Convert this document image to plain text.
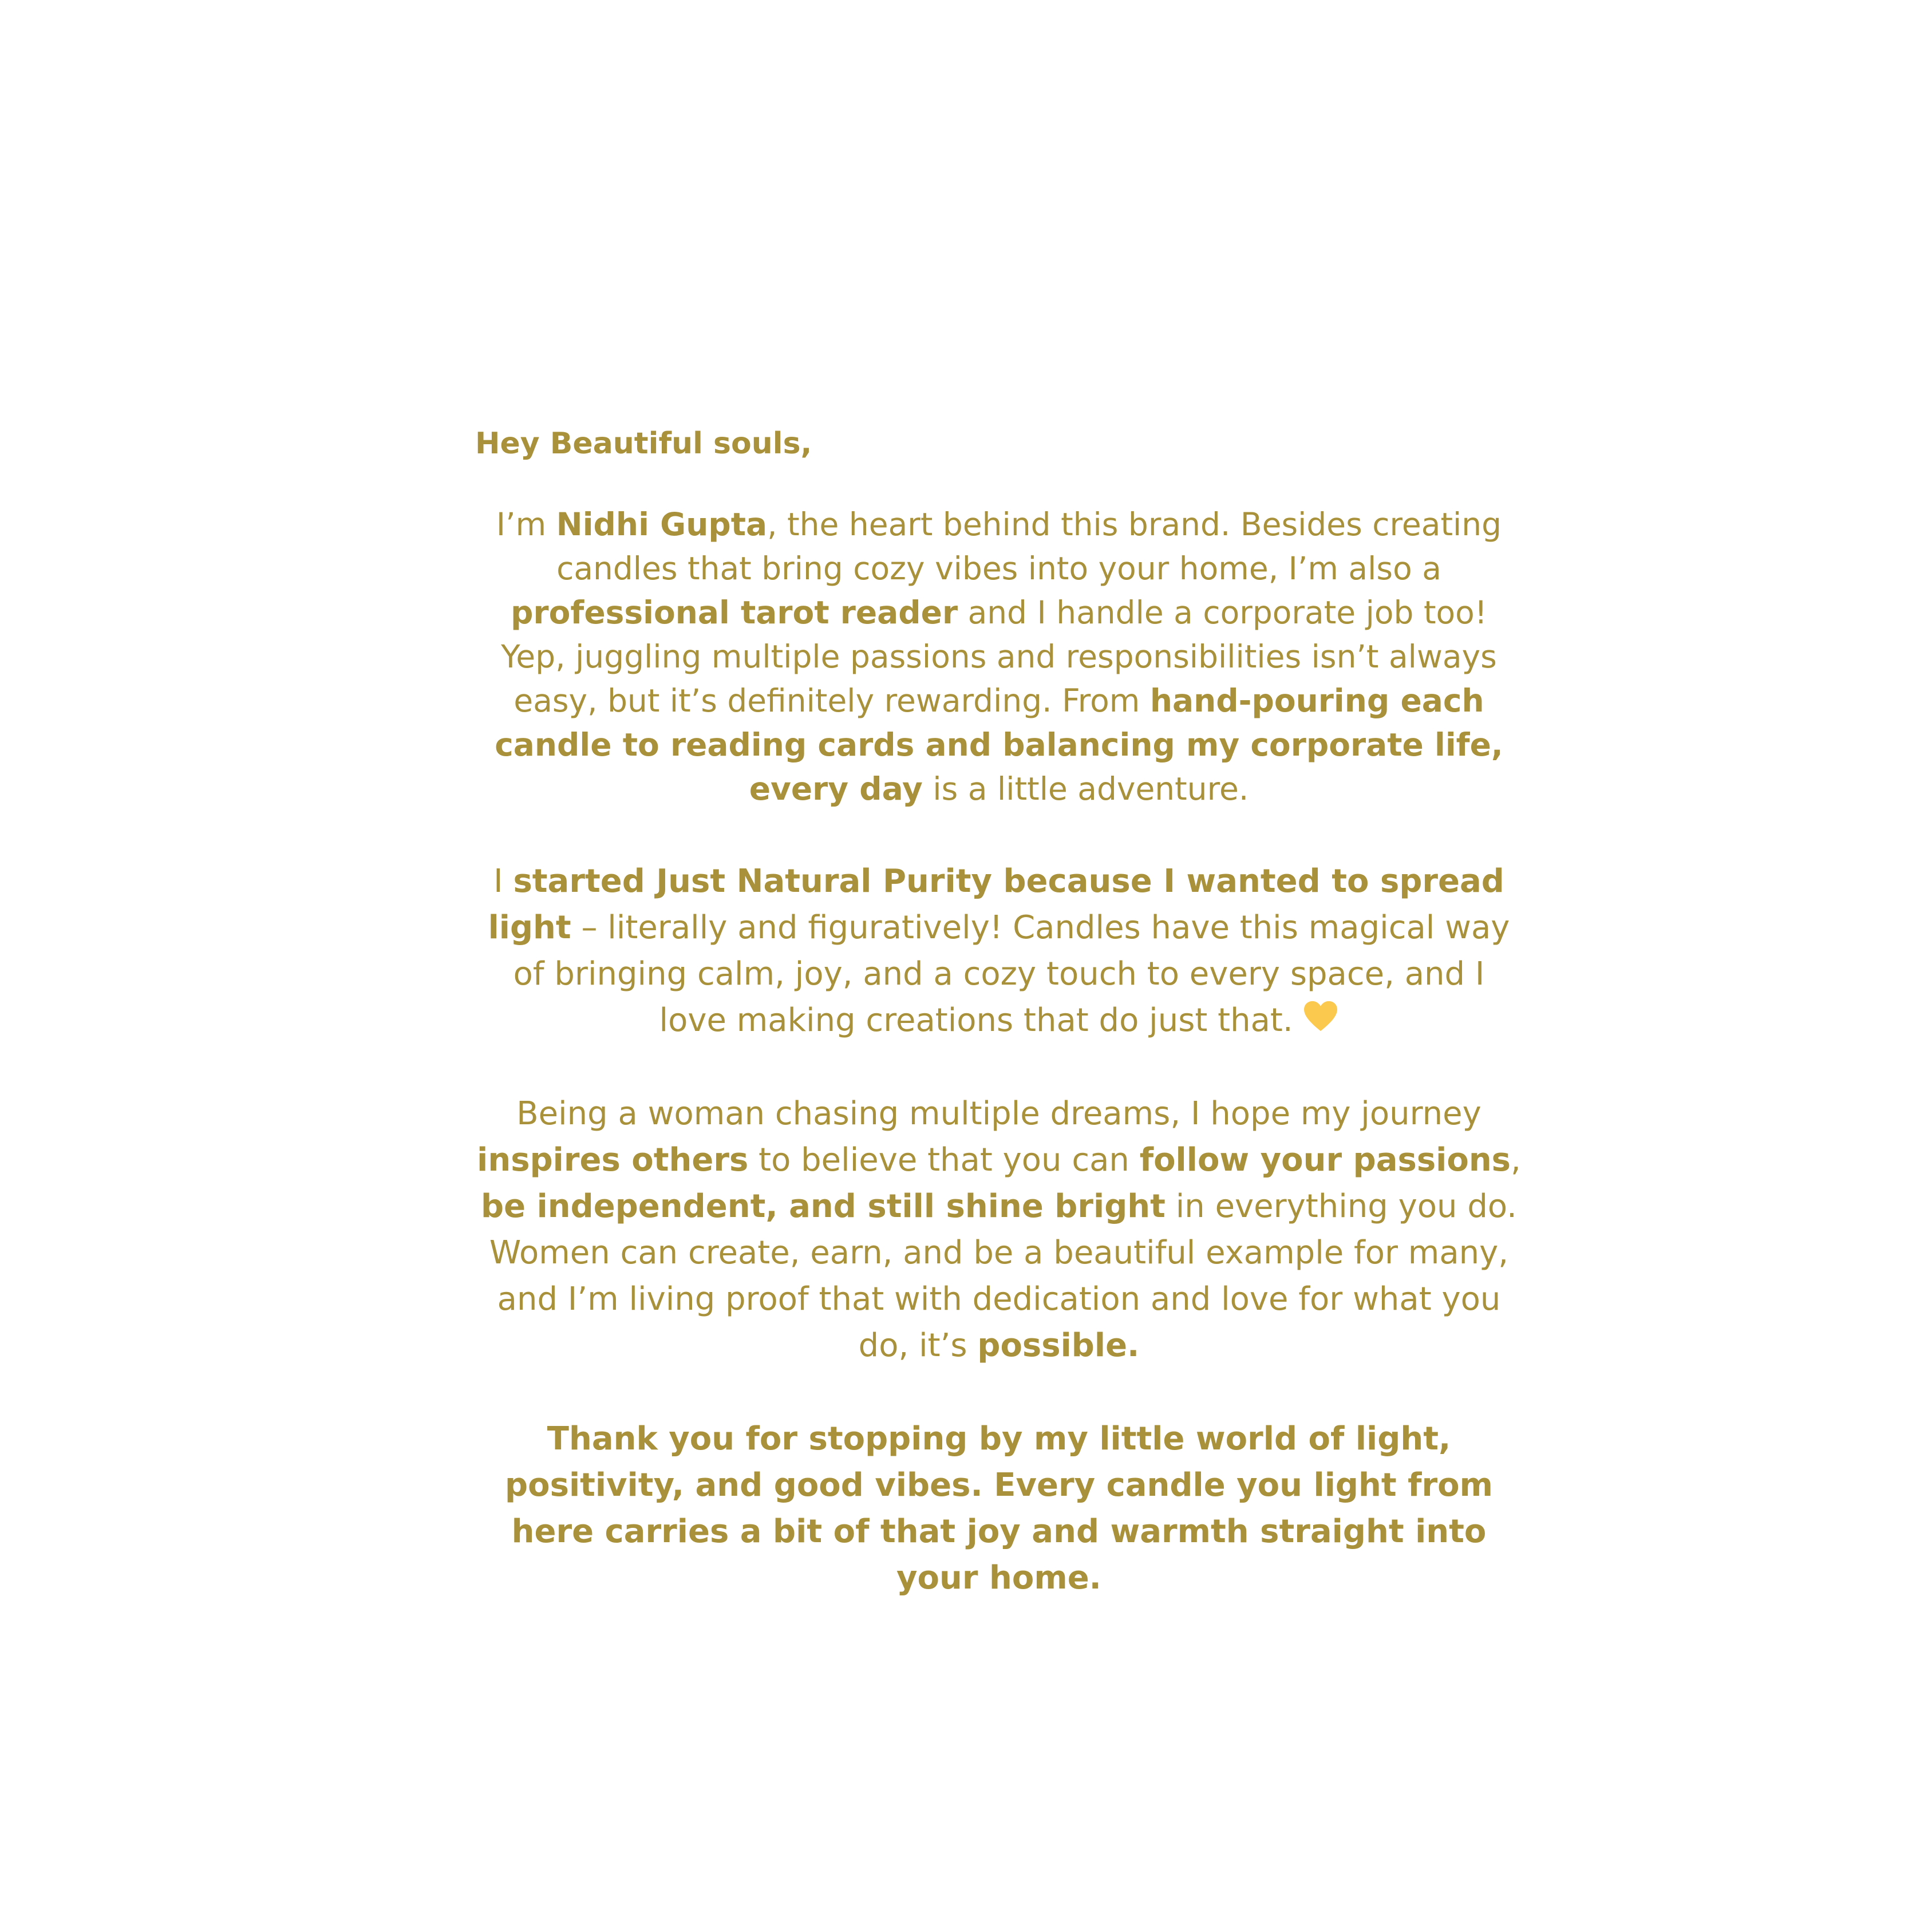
Hey Beautiful souls,

I’m Nidhi Gupta, the heart behind this brand. Besides creating candles that bring cozy vibes into your home, I’m also a professional tarot reader and I handle a corporate job too! Yep, juggling multiple passions and responsibilities isn’t always easy, but it’s definitely rewarding. From hand-pouring each candle to reading cards and balancing my corporate life, every day is a little adventure.

I started Just Natural Purity because I wanted to spread light – literally and figuratively! Candles have this magical way of bringing calm, joy, and a cozy touch to every space, and I love making creations that do just that.

Being a woman chasing multiple dreams, I hope my journey inspires others to believe that you can follow your passions, be independent, and still shine bright in everything you do. Women can create, earn, and be a beautiful example for many, and I’m living proof that with dedication and love for what you do, it’s possible.

Thank you for stopping by my little world of light, positivity, and good vibes. Every candle you light from here carries a bit of that joy and warmth straight into your home.
